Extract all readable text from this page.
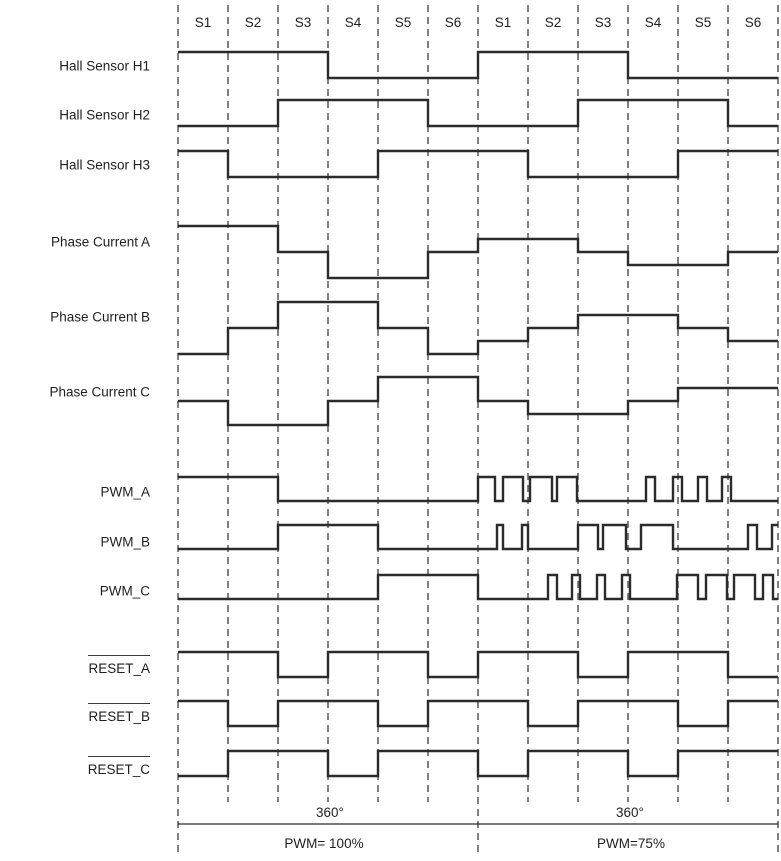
Hall Sensor H1
Hall Sensor H2
Hall Sensor H3
Phase Current A
Phase Current B
Phase Current C
PWM_A
PWM_B
PWM_C
RESET_A
RESET_B
RESET_C
S1	S2	S3	S4	S5	S6	S1	S2	S3	S4	S5	S6
360°	360°
PWM= 100%	PWM=75%
